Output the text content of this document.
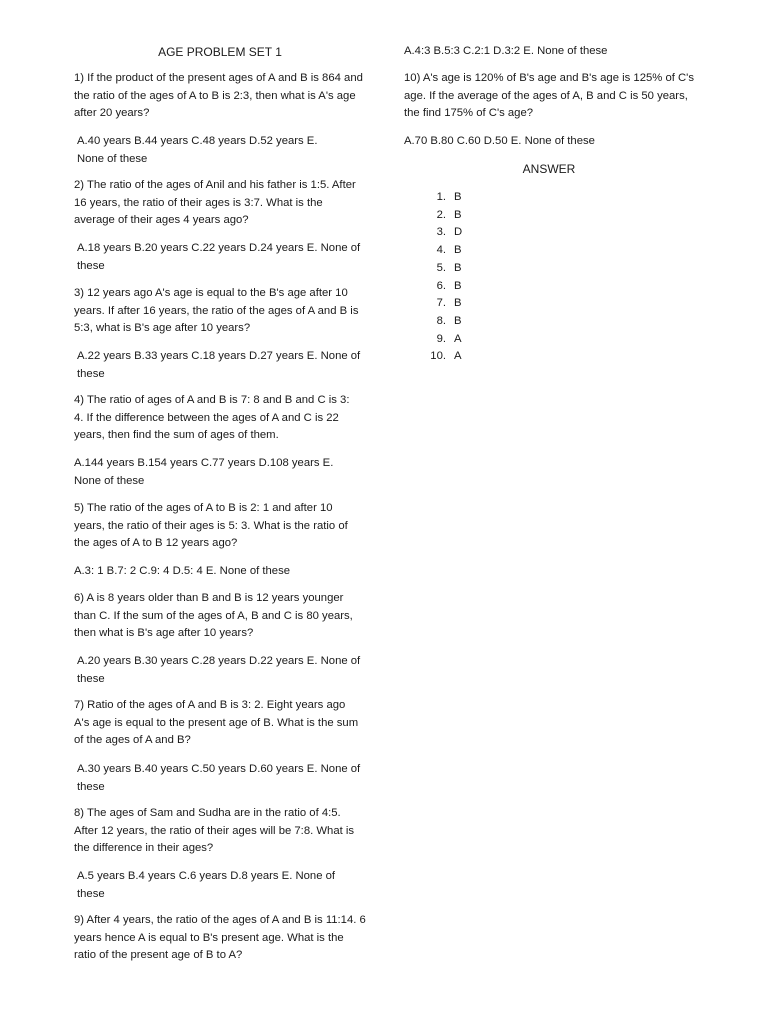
AGE PROBLEM SET 1
1) If the product of the present ages of A and B is 864 and the ratio of the ages of A to B is 2:3, then what is A's age after 20 years?
A.40 years B.44 years C.48 years D.52 years E. None of these
2) The ratio of the ages of Anil and his father is 1:5. After 16 years, the ratio of their ages is 3:7. What is the average of their ages 4 years ago?
A.18 years B.20 years C.22 years D.24 years E. None of these
3) 12 years ago A's age is equal to the B's age after 10 years. If after 16 years, the ratio of the ages of A and B is 5:3, what is B's age after 10 years?
A.22 years B.33 years C.18 years D.27 years E. None of these
4) The ratio of ages of A and B is 7: 8 and B and C is 3: 4. If the difference between the ages of A and C is 22 years, then find the sum of ages of them.
A.144 years B.154 years C.77 years D.108 years E. None of these
5) The ratio of the ages of A to B is 2: 1 and after 10 years, the ratio of their ages is 5: 3. What is the ratio of the ages of A to B 12 years ago?
A.3: 1 B.7: 2 C.9: 4 D.5: 4 E. None of these
6) A is 8 years older than B and B is 12 years younger than C. If the sum of the ages of A, B and C is 80 years, then what is B's age after 10 years?
A.20 years B.30 years C.28 years D.22 years E. None of these
7) Ratio of the ages of A and B is 3: 2. Eight years ago A's age is equal to the present age of B. What is the sum of the ages of A and B?
A.30 years B.40 years C.50 years D.60 years E. None of these
8) The ages of Sam and Sudha are in the ratio of 4:5. After 12 years, the ratio of their ages will be 7:8. What is the difference in their ages?
A.5 years B.4 years C.6 years D.8 years E. None of these
9) After 4 years, the ratio of the ages of A and B is 11:14. 6 years hence A is equal to B's present age. What is the ratio of the present age of B to A?
A.4:3 B.5:3 C.2:1 D.3:2 E. None of these
10) A's age is 120% of B's age and B's age is 125% of C's age. If the average of the ages of A, B and C is 50 years, the find 175% of C's age?
A.70 B.80 C.60 D.50 E. None of these
ANSWER
1. B
2. B
3. D
4. B
5. B
6. B
7. B
8. B
9. A
10. A
